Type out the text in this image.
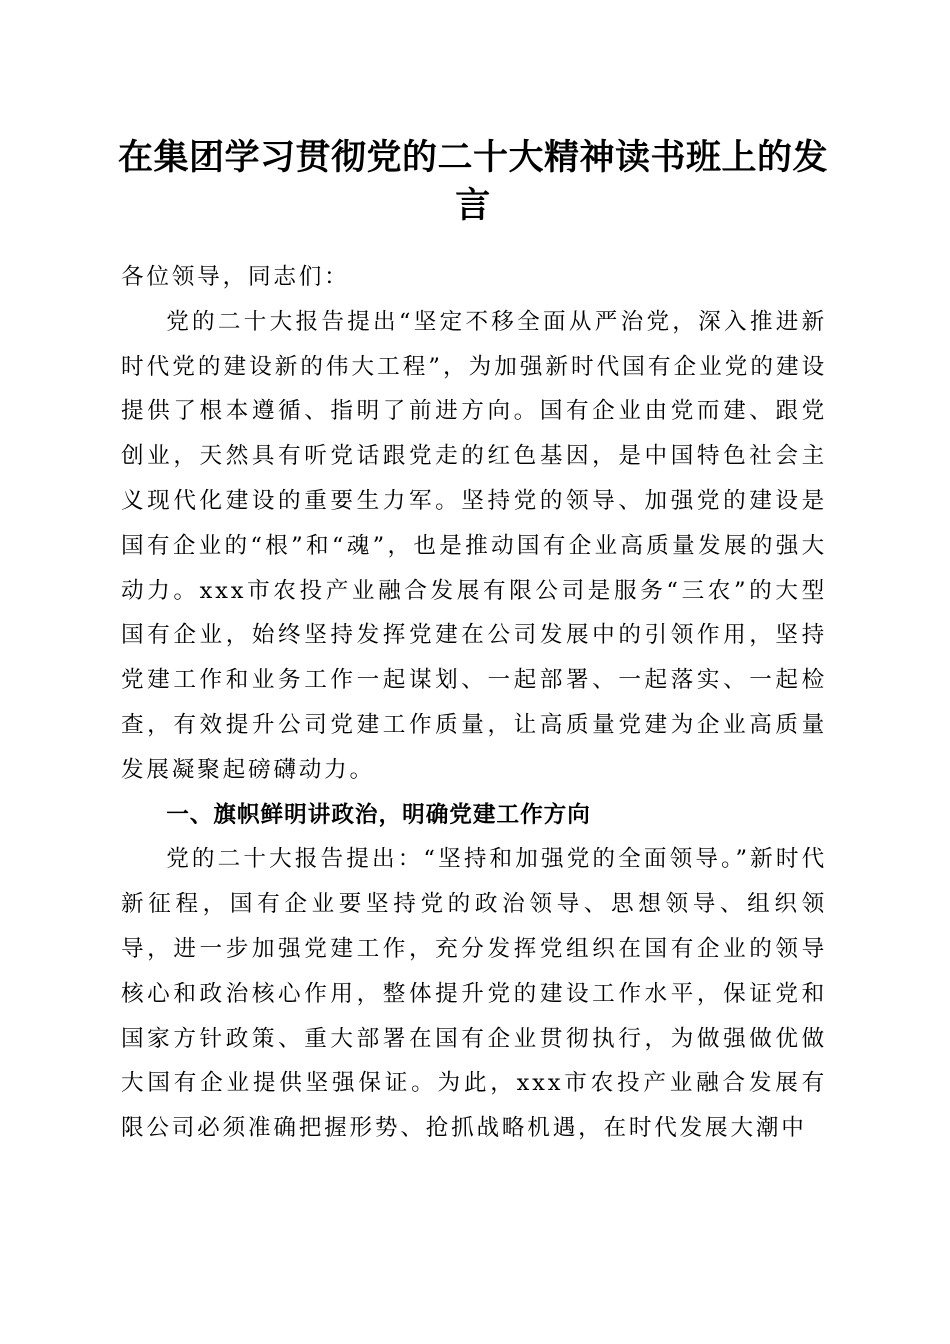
在集团学习贯彻党的二十大精神读书班上的发言

各位领导，同志们：

党的二十大报告提出“坚定不移全面从严治党，深入推进新时代党的建设新的伟大工程”，为加强新时代国有企业党的建设提供了根本遵循、指明了前进方向。国有企业由党而建、跟党创业，天然具有听党话跟党走的红色基因，是中国特色社会主义现代化建设的重要生力军。坚持党的领导、加强党的建设是国有企业的“根”和“魂”，也是推动国有企业高质量发展的强大动力。xxx市农投产业融合发展有限公司是服务“三农”的大型国有企业，始终坚持发挥党建在公司发展中的引领作用，坚持党建工作和业务工作一起谋划、一起部署、一起落实、一起检查，有效提升公司党建工作质量，让高质量党建为企业高质量发展凝聚起磅礴动力。

一、旗帜鲜明讲政治，明确党建工作方向

党的二十大报告提出：“坚持和加强党的全面领导。”新时代新征程，国有企业要坚持党的政治领导、思想领导、组织领导，进一步加强党建工作，充分发挥党组织在国有企业的领导核心和政治核心作用，整体提升党的建设工作水平，保证党和国家方针政策、重大部署在国有企业贯彻执行，为做强做优做大国有企业提供坚强保证。为此，xxx市农投产业融合发展有限公司必须准确把握形势、抢抓战略机遇，在时代发展大潮中
